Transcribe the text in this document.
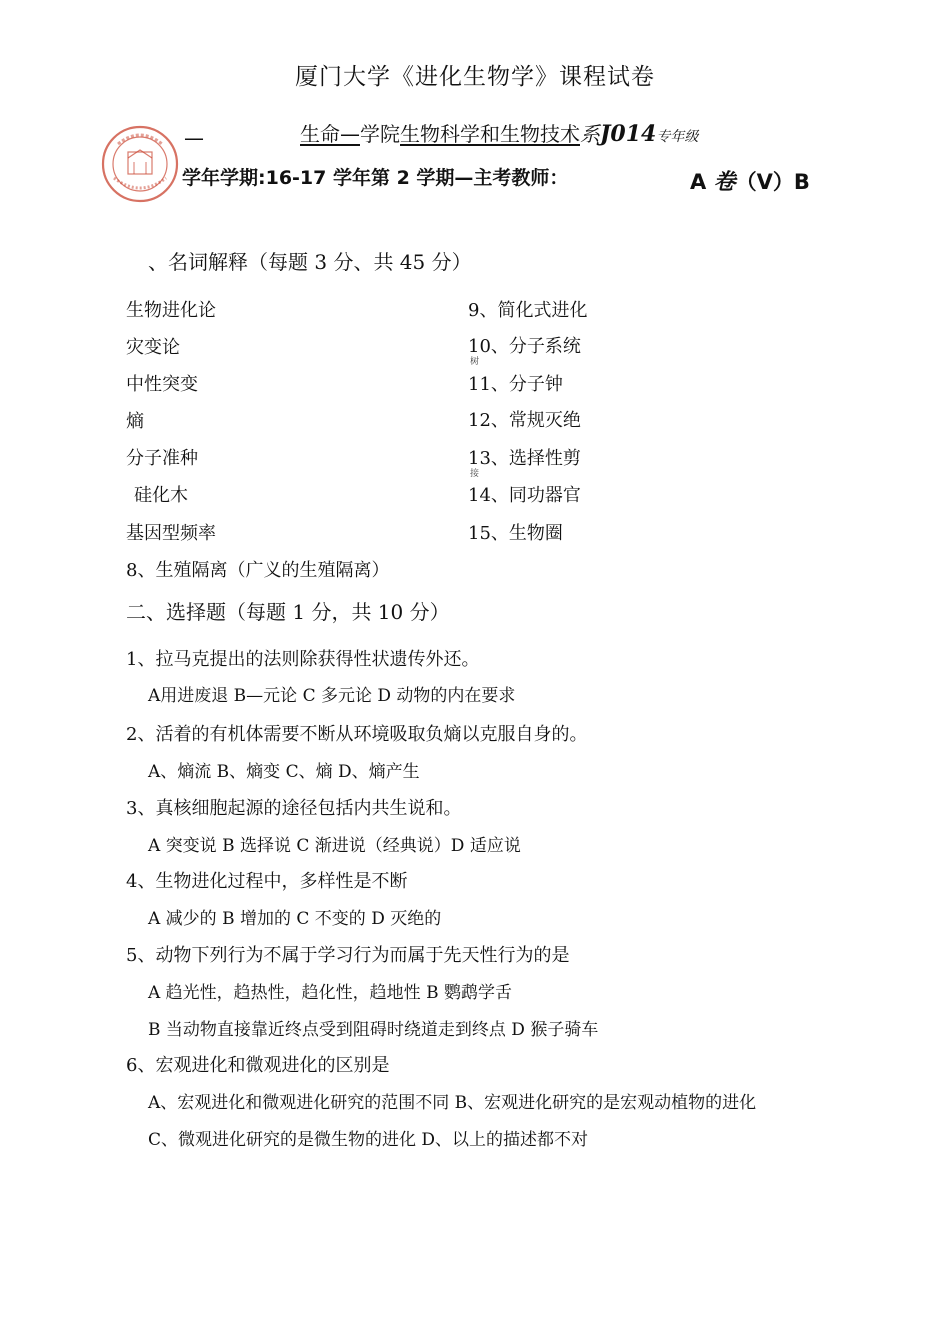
厦门大学《进化生物学》课程试卷
—	生命—学院生物科学和生物技术系J014专年级
学年学期:16-17 学年第 2 学期—主考教师：	A 卷（V）B
、名词解释（每题 3 分、共 45 分）
生物进化论
灾变论
中性突变
熵
分子准种
硅化木
基因型频率
9、简化式进化
10、分子系统
树
11、分子钟
12、常规灭绝
13、选择性剪
接
14、同功器官
15、生物圈
8、生殖隔离（广义的生殖隔离）
二、选择题（每题 1 分，共 10 分）
1、拉马克提出的法则除获得性状遗传外还。
A用进废退 B—元论 C 多元论 D 动物的内在要求
2、活着的有机体需要不断从环境吸取负熵以克服自身的。
A、熵流 B、熵变 C、熵 D、熵产生
3、真核细胞起源的途径包括内共生说和。
A 突变说 B 选择说 C 渐进说（经典说）D 适应说
4、生物进化过程中，多样性是不断
A 减少的 B 增加的 C 不变的 D 灭绝的
5、动物下列行为不属于学习行为而属于先天性行为的是
A 趋光性，趋热性，趋化性，趋地性 B 鹦鹉学舌
B 当动物直接靠近终点受到阻碍时绕道走到终点 D 猴子骑车
6、宏观进化和微观进化的区别是
A、宏观进化和微观进化研究的范围不同 B、宏观进化研究的是宏观动植物的进化
C、微观进化研究的是微生物的进化 D、以上的描述都不对
